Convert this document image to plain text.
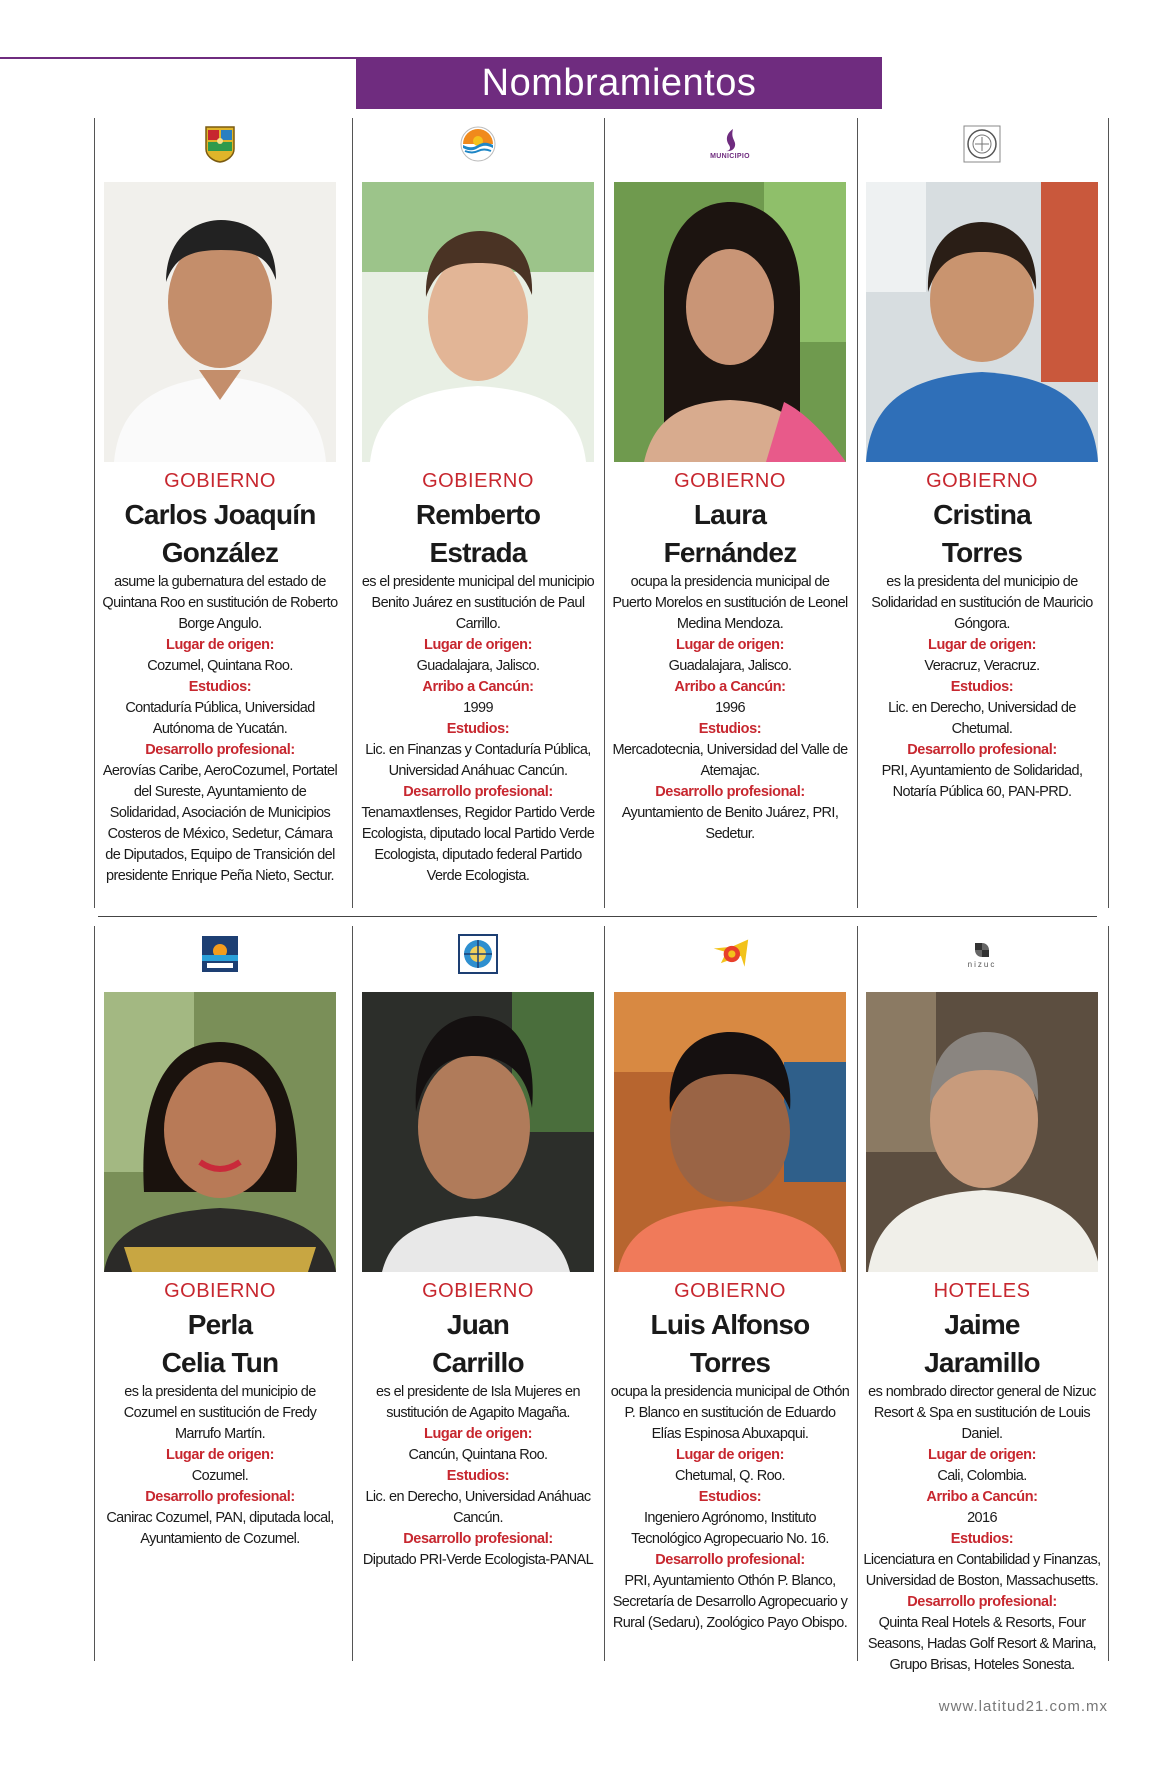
Nombramientos
GOBIERNO
Carlos Joaquín
González

asume la gubernatura del estado de Quintana Roo en sustitución de Roberto Borge Angulo.

Lugar de origen:

Cozumel, Quintana Roo.

Estudios:

Contaduría Pública, Universidad Autónoma de Yucatán.

Desarrollo profesional:

Aerovías Caribe, AeroCozumel, Portatel del Sureste, Ayuntamiento de Solidaridad, Asociación de Municipios Costeros de México, Sedetur, Cámara de Diputados, Equipo de Transición del presidente Enrique Peña Nieto, Sectur.

GOBIERNO
Remberto
Estrada

es el presidente municipal del municipio Benito Juárez en sustitución de Paul Carrillo.

Lugar de origen:

Guadalajara, Jalisco.

Arribo a Cancún:

1999

Estudios:

Lic. en Finanzas y Contaduría Pública, Universidad Anáhuac Cancún.

Desarrollo profesional:

Tenamaxtlenses, Regidor Partido Verde Ecologista, diputado local Partido Verde Ecologista, diputado federal Partido Verde Ecologista.

MUNICIPIO
GOBIERNO
Laura
Fernández

ocupa la presidencia municipal de Puerto Morelos en sustitución de Leonel Medina Mendoza.

Lugar de origen:

Guadalajara, Jalisco.

Arribo a Cancún:

1996

Estudios:

Mercadotecnia, Universidad del Valle de Atemajac.

Desarrollo profesional:

Ayuntamiento de Benito Juárez, PRI, Sedetur.

GOBIERNO
Cristina
Torres

es la presidenta del municipio de Solidaridad en sustitución de Mauricio Góngora.

Lugar de origen:

Veracruz, Veracruz.

Estudios:

Lic. en Derecho, Universidad de Chetumal.

Desarrollo profesional:

PRI, Ayuntamiento de Solidaridad, Notaría Pública 60, PAN-PRD.

GOBIERNO
Perla
Celia Tun

es la presidenta del municipio de Cozumel en sustitución de Fredy Marrufo Martín.

Lugar de origen:

Cozumel.

Desarrollo profesional:

Canirac Cozumel, PAN, diputada local, Ayuntamiento de Cozumel.

GOBIERNO
Juan
Carrillo

es el presidente de Isla Mujeres en sustitución de Agapito Magaña.

Lugar de origen:

Cancún, Quintana Roo.

Estudios:

Lic. en Derecho, Universidad Anáhuac Cancún.

Desarrollo profesional:

Diputado PRI-Verde Ecologista-PANAL

GOBIERNO
Luis Alfonso
Torres

ocupa la presidencia municipal de Othón P. Blanco en sustitución de Eduardo Elías Espinosa Abuxapqui.

Lugar de origen:

Chetumal, Q. Roo.

Estudios:

Ingeniero Agrónomo, Instituto Tecnológico Agropecuario No. 16.

Desarrollo profesional:

PRI, Ayuntamiento Othón P. Blanco, Secretaría de Desarrollo Agropecuario y Rural (Sedaru), Zoológico Payo Obispo.

nizuc
HOTELES
Jaime
Jaramillo

es nombrado director general de Nizuc Resort & Spa en sustitución de Louis Daniel.

Lugar de origen:

Cali, Colombia.

Arribo a Cancún:

2016

Estudios:

Licenciatura en Contabilidad y Finanzas, Universidad de Boston, Massachusetts.

Desarrollo profesional:

Quinta Real Hotels & Resorts, Four Seasons, Hadas Golf Resort & Marina, Grupo Brisas, Hoteles Sonesta.

www.latitud21.com.mx
